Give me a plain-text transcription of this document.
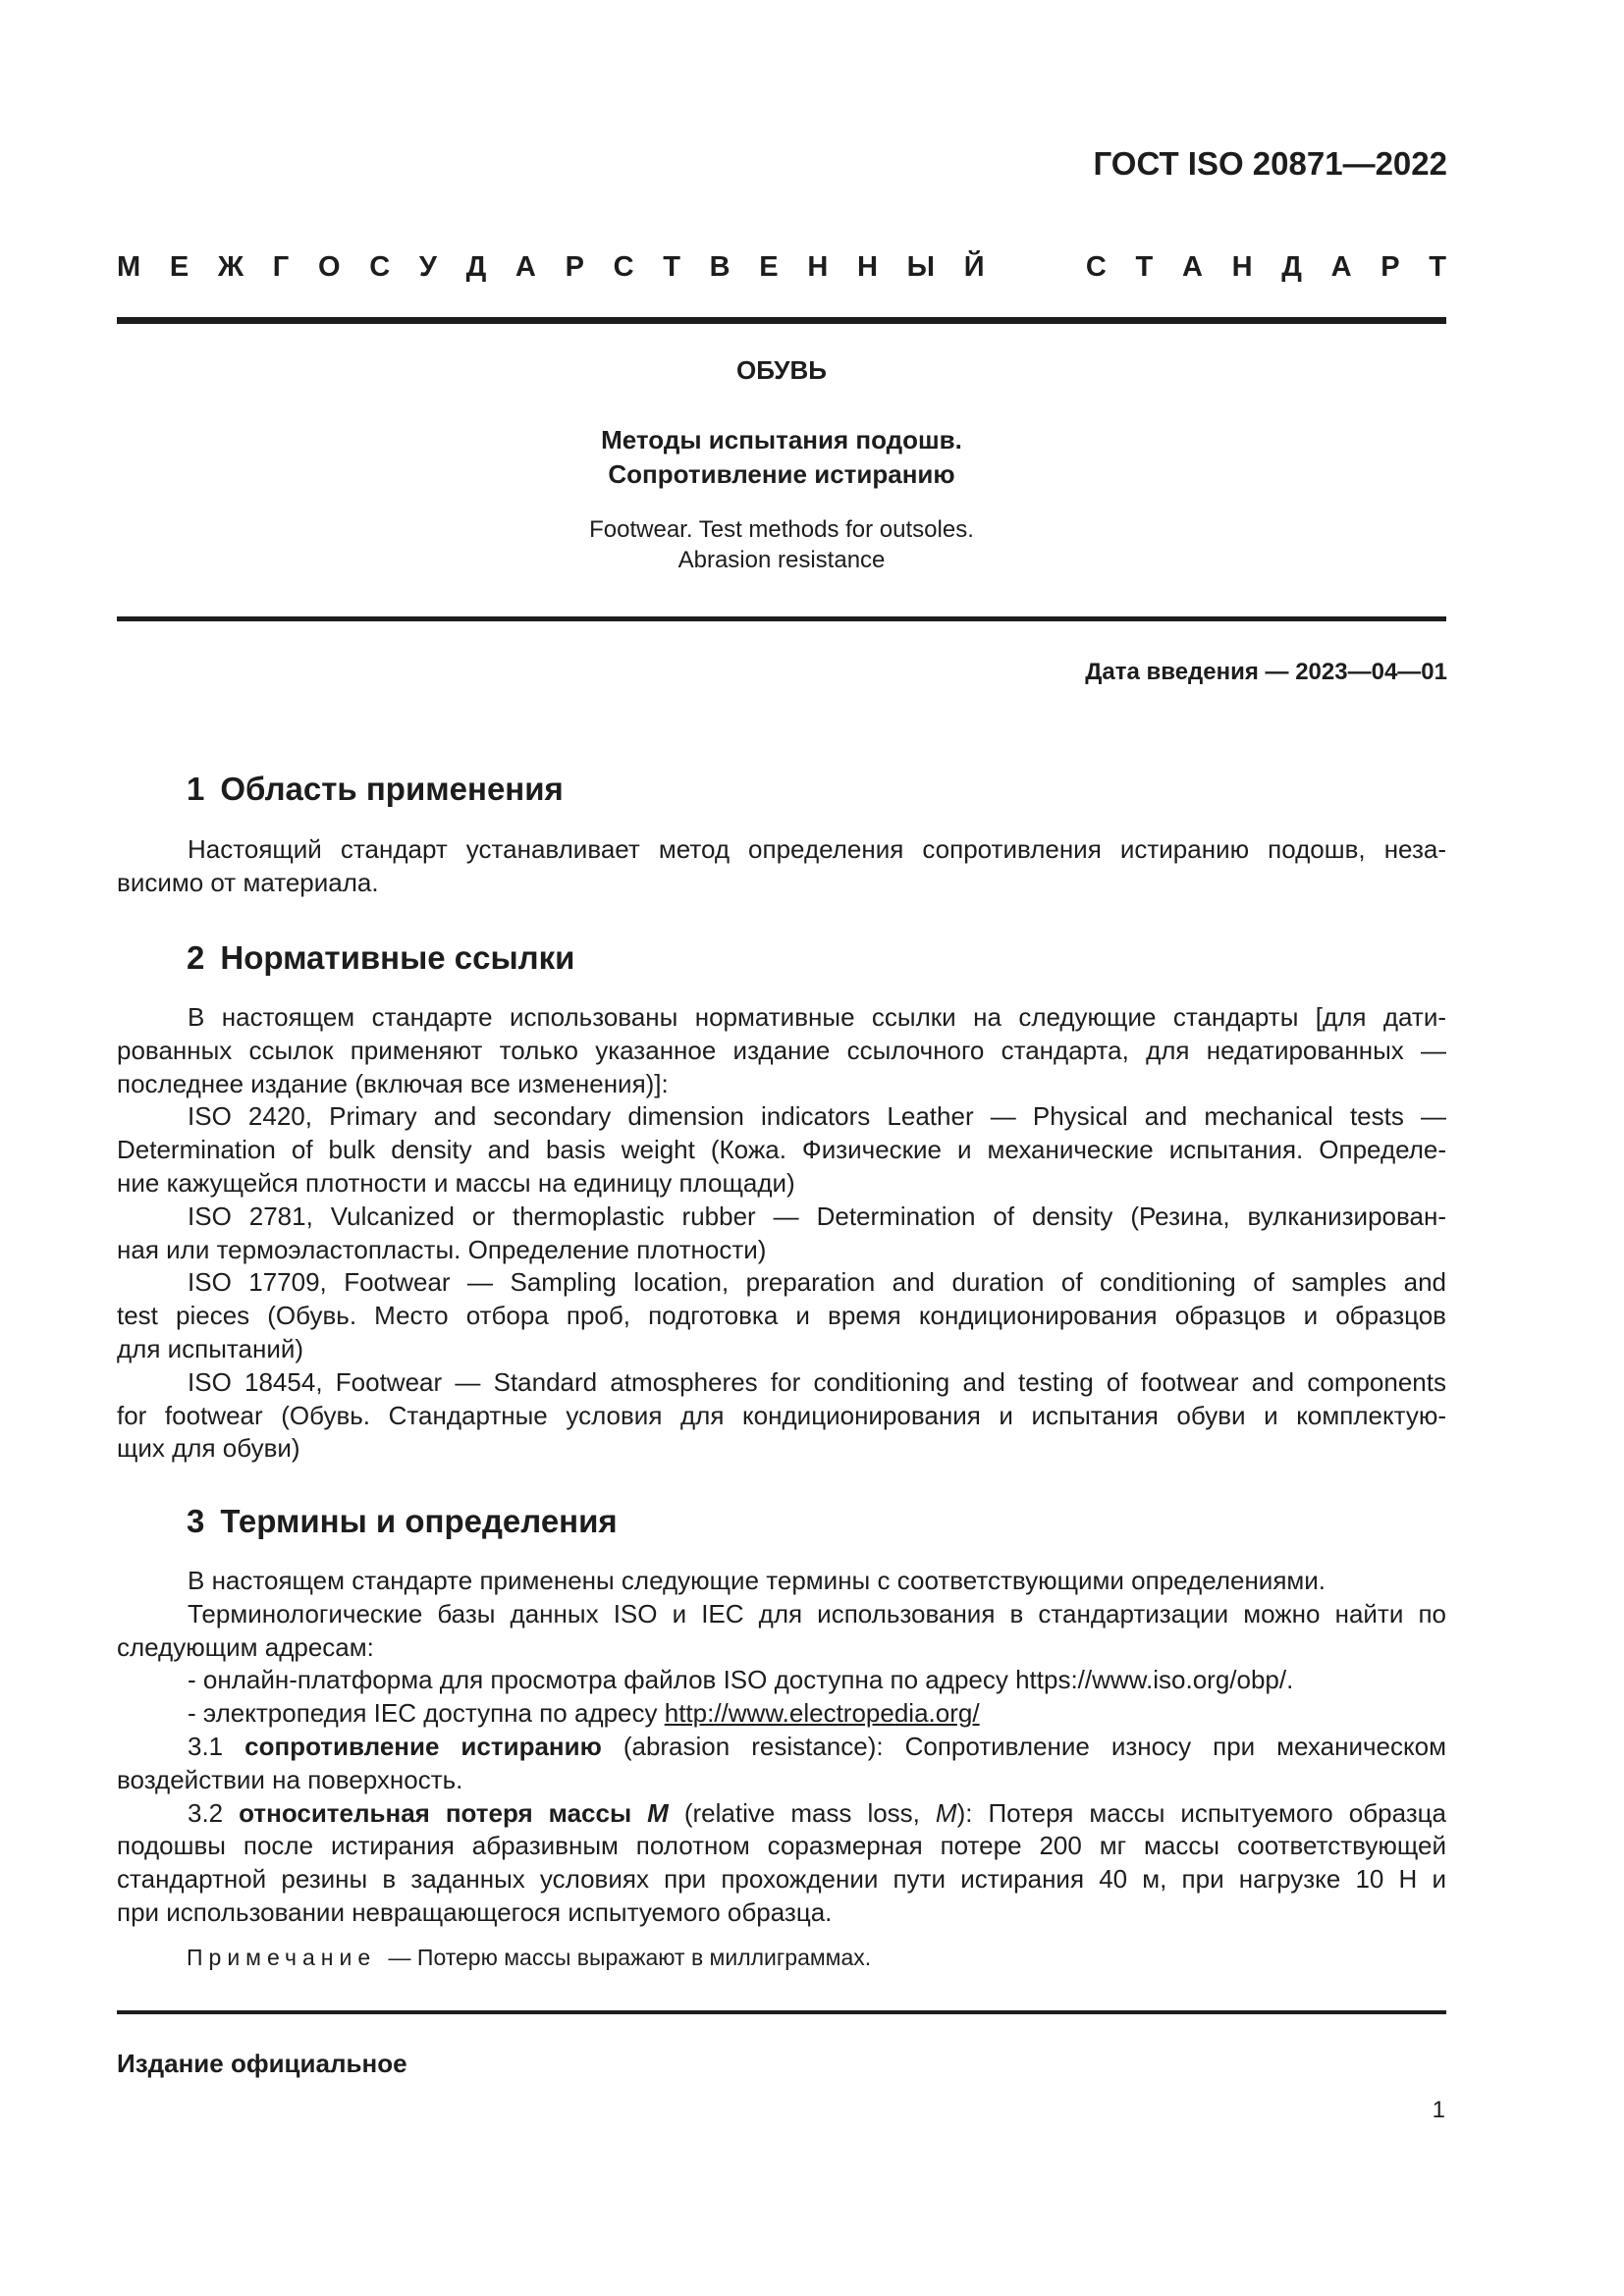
ГОСТ ISO 20871—2022
М Е Ж Г О С У Д А Р С Т В Е Н Н Ы Й	С Т А Н Д А Р Т
ОБУВЬ
Методы испытания подошв.
Сопротивление истиранию
Footwear. Test methods for outsoles.
Abrasion resistance
Дата введения — 2023—04—01
1 Область применения
Настоящий стандарт устанавливает метод определения сопротивления истиранию подошв, неза-
висимо от материала.
2 Нормативные ссылки
В настоящем стандарте использованы нормативные ссылки на следующие стандарты [для дати-
рованных ссылок применяют только указанное издание ссылочного стандарта, для недатированных —
последнее издание (включая все изменения)]:
ISO 2420, Primary and secondary dimension indicators Leather — Physical and mechanical tests —
Determination of bulk density and basis weight (Кожа. Физические и механические испытания. Определе-
ние кажущейся плотности и массы на единицу площади)
ISO 2781, Vulcanized or thermoplastic rubber — Determination of density (Резина, вулканизирован-
ная или термоэластопласты. Определение плотности)
ISO 17709, Footwear — Sampling location, preparation and duration of conditioning of samples and
test pieces (Обувь. Место отбора проб, подготовка и время кондиционирования образцов и образцов
для испытаний)
ISO 18454, Footwear — Standard atmospheres for conditioning and testing of footwear and components
for footwear (Обувь. Стандартные условия для кондиционирования и испытания обуви и комплектую-
щих для обуви)
3 Термины и определения
В настоящем стандарте применены следующие термины с соответствующими определениями.
Терминологические базы данных ISO и IEC для использования в стандартизации можно найти по
следующим адресам:
- онлайн-платформа для просмотра файлов ISO доступна по адресу https://www.iso.org/obp/.
- электропедия IEC доступна по адресу http://www.electropedia.org/
3.1 сопротивление истиранию (abrasion resistance): Сопротивление износу при механическом
воздействии на поверхность.
3.2 относительная потеря массы M (relative mass loss, M): Потеря массы испытуемого образца
подошвы после истирания абразивным полотном соразмерная потере 200 мг массы соответствующей
стандартной резины в заданных условиях при прохождении пути истирания 40 м, при нагрузке 10 Н и
при использовании невращающегося испытуемого образца.
Примечание — Потерю массы выражают в миллиграммах.
Издание официальное
1
